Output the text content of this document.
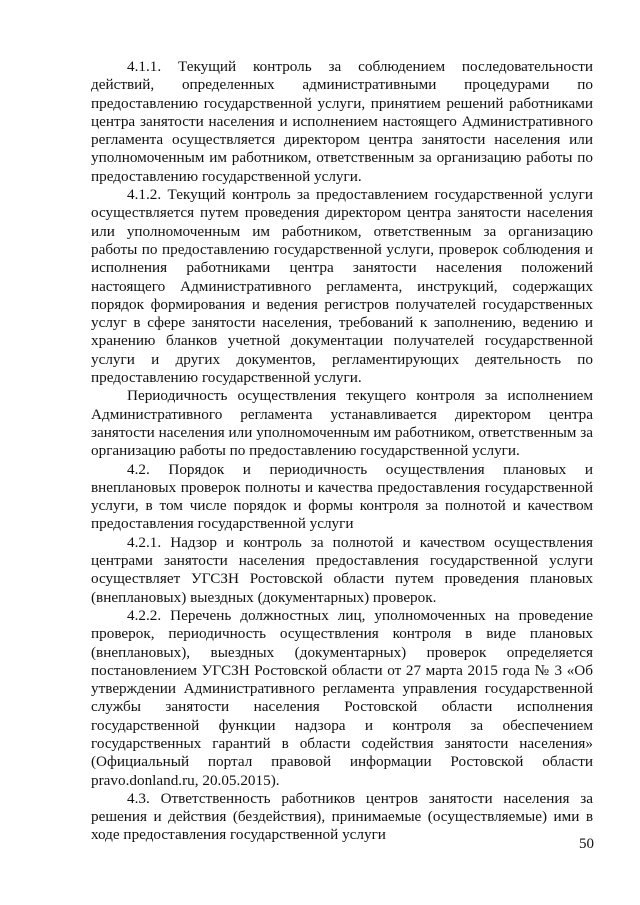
4.1.1. Текущий контроль за соблюдением последовательности действий, определенных административными процедурами по предоставлению государственной услуги, принятием решений работниками центра занятости населения и исполнением настоящего Административного регламента осуществляется директором центра занятости населения или уполномоченным им работником, ответственным за организацию работы по предоставлению государственной услуги.

4.1.2. Текущий контроль за предоставлением государственной услуги осуществляется путем проведения директором центра занятости населения или уполномоченным им работником, ответственным за организацию работы по предоставлению государственной услуги, проверок соблюдения и исполнения работниками центра занятости населения положений настоящего Административного регламента, инструкций, содержащих порядок формирования и ведения регистров получателей государственных услуг в сфере занятости населения, требований к заполнению, ведению и хранению бланков учетной документации получателей государственной услуги и других документов, регламентирующих деятельность по предоставлению государственной услуги.

Периодичность осуществления текущего контроля за исполнением Административного регламента устанавливается директором центра занятости населения или уполномоченным им работником, ответственным за организацию работы по предоставлению государственной услуги.

4.2. Порядок и периодичность осуществления плановых и внеплановых проверок полноты и качества предоставления государственной услуги, в том числе порядок и формы контроля за полнотой и качеством предоставления государственной услуги

4.2.1. Надзор и контроль за полнотой и качеством осуществления центрами занятости населения предоставления государственной услуги осуществляет УГСЗН Ростовской области путем проведения плановых (внеплановых) выездных (документарных) проверок.

4.2.2. Перечень должностных лиц, уполномоченных на проведение проверок, периодичность осуществления контроля в виде плановых (внеплановых), выездных (документарных) проверок определяется постановлением УГСЗН Ростовской области от 27 марта 2015 года № 3 «Об утверждении Административного регламента управления государственной службы занятости населения Ростовской области исполнения государственной функции надзора и контроля за обеспечением государственных гарантий в области содействия занятости населения» (Официальный портал правовой информации Ростовской области pravo.donland.ru, 20.05.2015).

4.3. Ответственность работников центров занятости населения за решения и действия (бездействия), принимаемые (осуществляемые) ими в ходе предоставления государственной услуги

50
